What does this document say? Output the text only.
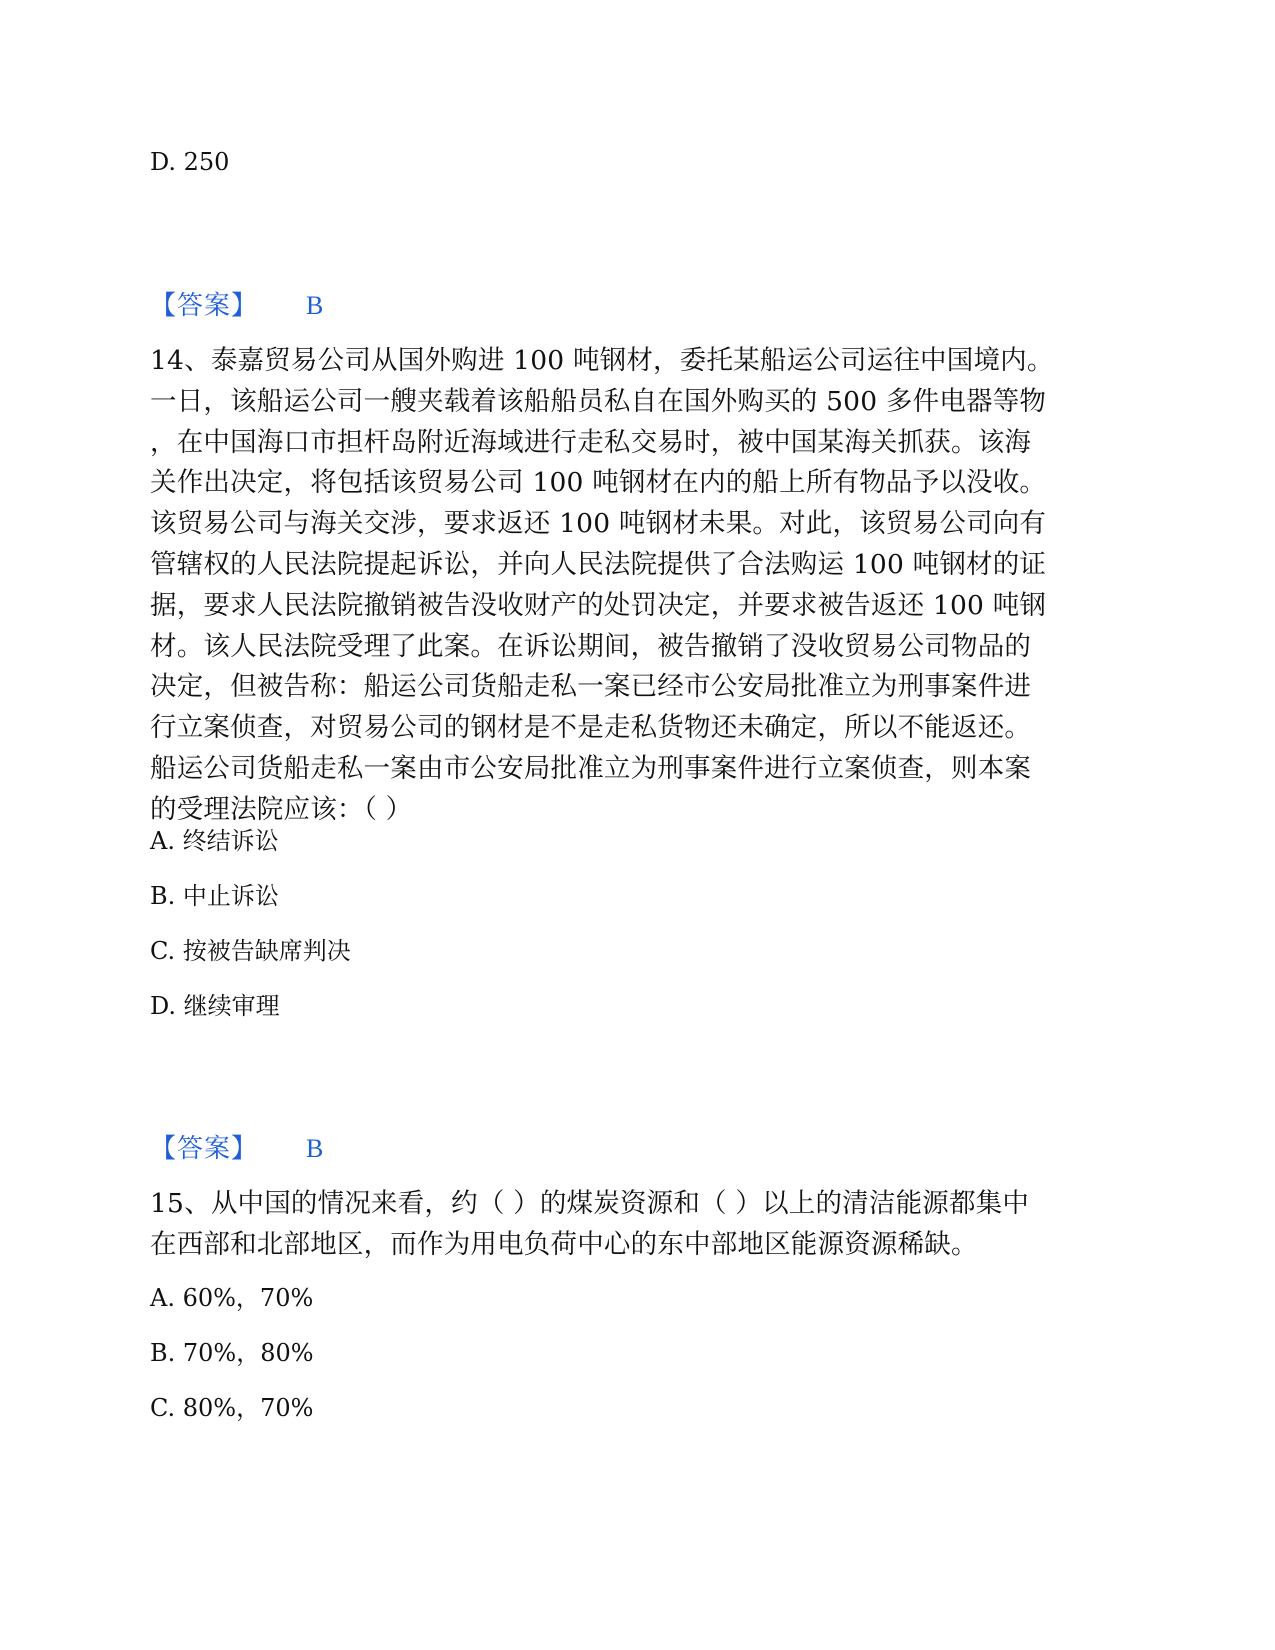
D. 250
【答案】 B
14、泰嘉贸易公司从国外购进 100 吨钢材，委托某船运公司运往中国境内。
一日，该船运公司一艘夹载着该船船员私自在国外购买的 500 多件电器等物
，在中国海口市担杆岛附近海域进行走私交易时，被中国某海关抓获。该海
关作出决定，将包括该贸易公司 100 吨钢材在内的船上所有物品予以没收。
该贸易公司与海关交涉，要求返还 100 吨钢材未果。对此，该贸易公司向有
管辖权的人民法院提起诉讼，并向人民法院提供了合法购运 100 吨钢材的证
据，要求人民法院撤销被告没收财产的处罚决定，并要求被告返还 100 吨钢
材。该人民法院受理了此案。在诉讼期间，被告撤销了没收贸易公司物品的
决定，但被告称：船运公司货船走私一案已经市公安局批准立为刑事案件进
行立案侦查，对贸易公司的钢材是不是走私货物还未确定，所以不能返还。
船运公司货船走私一案由市公安局批准立为刑事案件进行立案侦查，则本案
的受理法院应该：（ ）
A. 终结诉讼
B. 中止诉讼
C. 按被告缺席判决
D. 继续审理
【答案】 B
15、从中国的情况来看，约（ ）的煤炭资源和（ ）以上的清洁能源都集中
在西部和北部地区，而作为用电负荷中心的东中部地区能源资源稀缺。
A. 60%，70%
B. 70%，80%
C. 80%，70%
